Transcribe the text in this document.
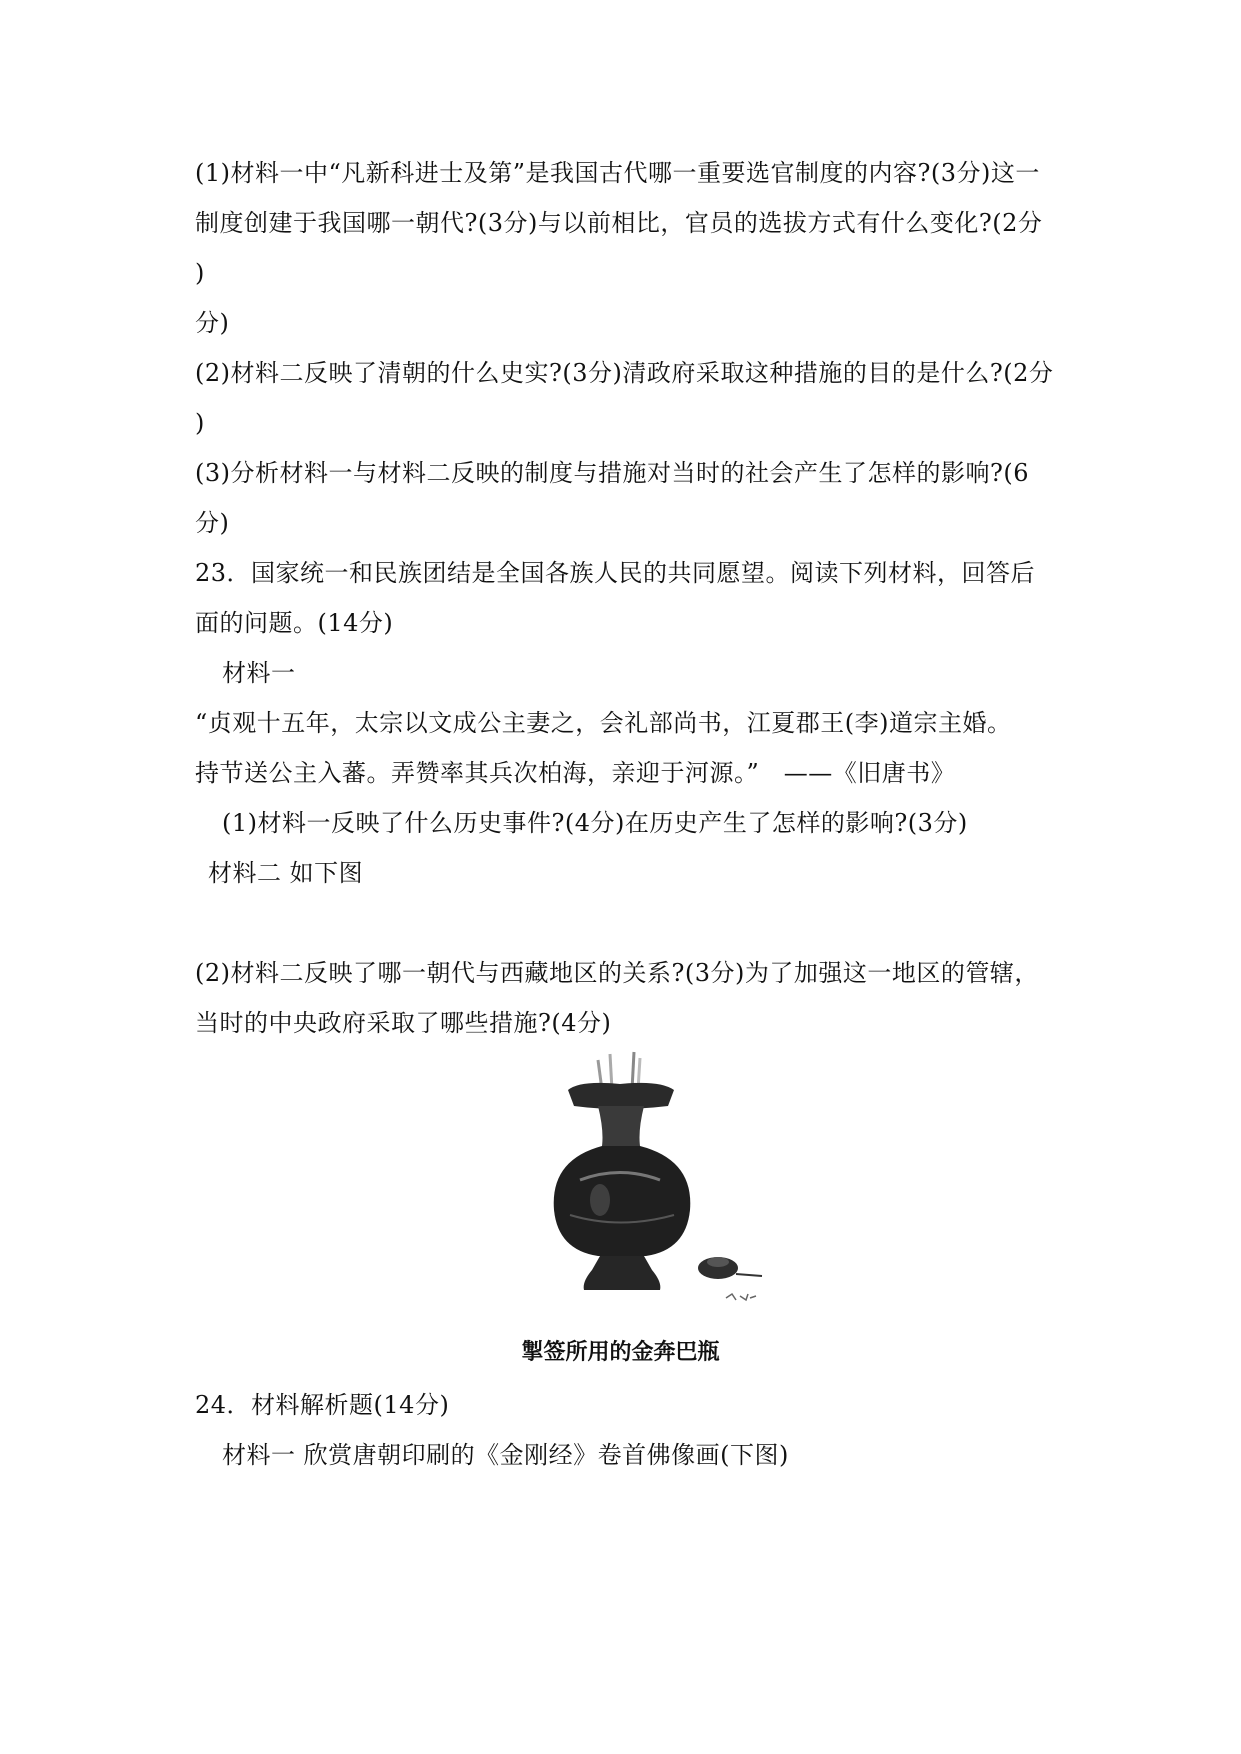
(1)材料一中“凡新科进士及第”是我国古代哪一重要选官制度的内容?(3分)这一
制度创建于我国哪一朝代?(3分)与以前相比，官员的选拔方式有什么变化?(2分
)
分)
(2)材料二反映了清朝的什么史实?(3分)清政府采取这种措施的目的是什么?(2分
)
(3)分析材料一与材料二反映的制度与措施对当时的社会产生了怎样的影响?(6
分)
23．国家统一和民族团结是全国各族人民的共同愿望。阅读下列材料，回答后
面的问题。(14分)
材料一
“贞观十五年，太宗以文成公主妻之，会礼部尚书，江夏郡王(李)道宗主婚。
持节送公主入蕃。弄赞率其兵次柏海，亲迎于河源。”　——《旧唐书》
(1)材料一反映了什么历史事件?(4分)在历史产生了怎样的影响?(3分)
材料二 如下图
(2)材料二反映了哪一朝代与西藏地区的关系?(3分)为了加强这一地区的管辖，
当时的中央政府采取了哪些措施?(4分)
掣签所用的金奔巴瓶
24．材料解析题(14分)
材料一 欣赏唐朝印刷的《金刚经》卷首佛像画(下图)
